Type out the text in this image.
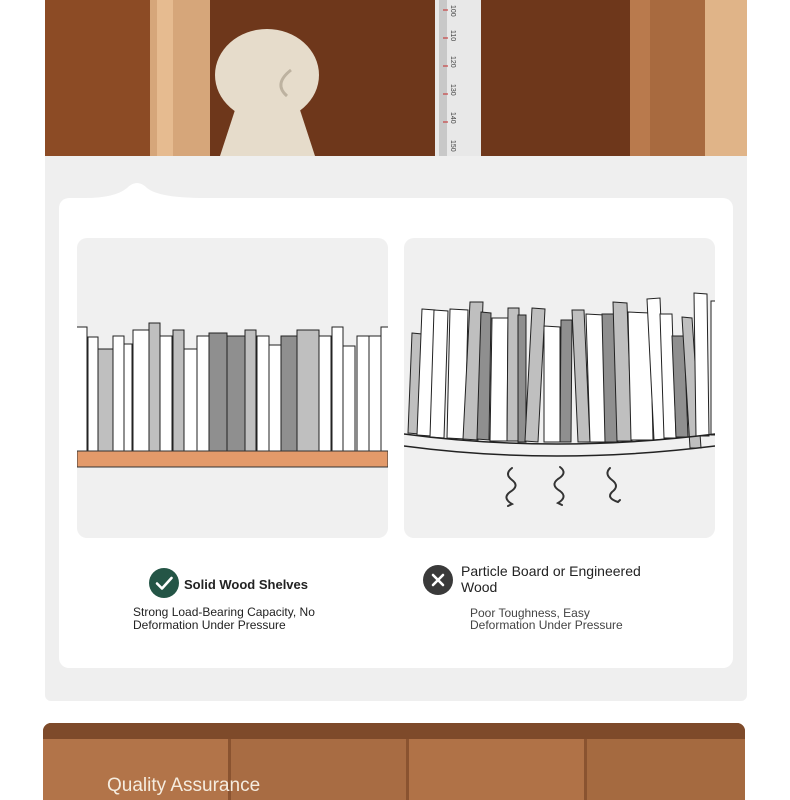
100
110
120
130
140
150
Solid Wood Shelves
Strong Load-Bearing Capacity, No
Deformation Under Pressure
Particle Board or Engineered
Wood
Poor Toughness, Easy
Deformation Under Pressure
Quality Assurance
